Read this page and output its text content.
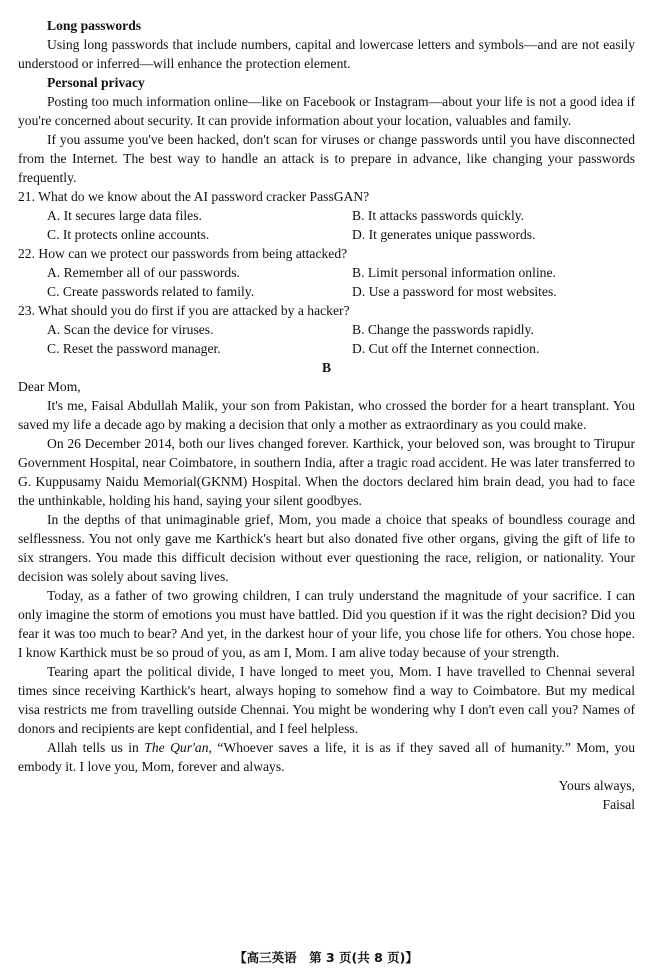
Long passwords
Using long passwords that include numbers, capital and lowercase letters and symbols—and are not easily understood or inferred—will enhance the protection element.
Personal privacy
Posting too much information online—like on Facebook or Instagram—about your life is not a good idea if you're concerned about security. It can provide information about your location, valuables and family.
If you assume you've been hacked, don't scan for viruses or change passwords until you have disconnected from the Internet. The best way to handle an attack is to prepare in advance, like changing your passwords frequently.
21. What do we know about the AI password cracker PassGAN?
A. It secures large data files.	B. It attacks passwords quickly.
C. It protects online accounts.	D. It generates unique passwords.
22. How can we protect our passwords from being attacked?
A. Remember all of our passwords.	B. Limit personal information online.
C. Create passwords related to family.	D. Use a password for most websites.
23. What should you do first if you are attacked by a hacker?
A. Scan the device for viruses.	B. Change the passwords rapidly.
C. Reset the password manager.	D. Cut off the Internet connection.
B
Dear Mom,
It's me, Faisal Abdullah Malik, your son from Pakistan, who crossed the border for a heart transplant. You saved my life a decade ago by making a decision that only a mother as extraordinary as you could make.
On 26 December 2014, both our lives changed forever. Karthick, your beloved son, was brought to Tirupur Government Hospital, near Coimbatore, in southern India, after a tragic road accident. He was later transferred to G. Kuppusamy Naidu Memorial(GKNM) Hospital. When the doctors declared him brain dead, you had to face the unthinkable, holding his hand, saying your silent goodbyes.
In the depths of that unimaginable grief, Mom, you made a choice that speaks of boundless courage and selflessness. You not only gave me Karthick's heart but also donated five other organs, giving the gift of life to six strangers. You made this difficult decision without ever questioning the race, religion, or nationality. Your decision was solely about saving lives.
Today, as a father of two growing children, I can truly understand the magnitude of your sacrifice. I can only imagine the storm of emotions you must have battled. Did you question if it was the right decision? Did you fear it was too much to bear? And yet, in the darkest hour of your life, you chose life for others. You chose hope. I know Karthick must be so proud of you, as am I, Mom. I am alive today because of your strength.
Tearing apart the political divide, I have longed to meet you, Mom. I have travelled to Chennai several times since receiving Karthick's heart, always hoping to somehow find a way to Coimbatore. But my medical visa restricts me from travelling outside Chennai. You might be wondering why I don't even call you? Names of donors and recipients are kept confidential, and I feel helpless.
Allah tells us in The Qur'an, “Whoever saves a life, it is as if they saved all of humanity.” Mom, you embody it. I love you, Mom, forever and always.
Yours always,
Faisal
【高三英语　第 3 页(共 8 页)】
